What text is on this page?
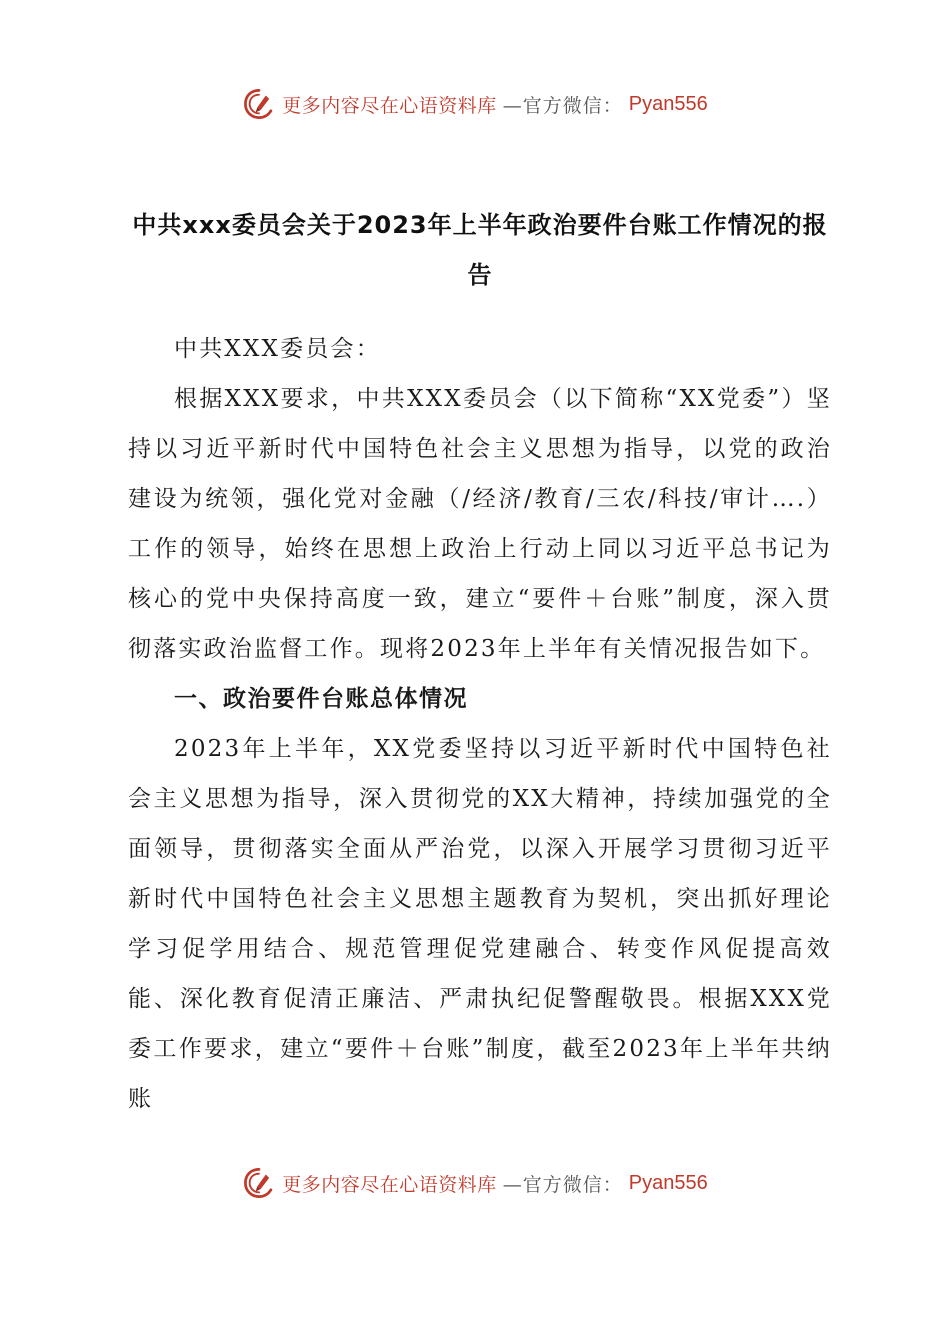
更多内容尽在心语资料库 —官方微信： Pyan556
中共xxx委员会关于2023年上半年政治要件台账工作情况的报告

中共XXX委员会：

根据XXX要求，中共XXX委员会（以下简称“XX党委”）坚持以习近平新时代中国特色社会主义思想为指导，以党的政治建设为统领，强化党对金融（/经济/教育/三农/科技/审计….）工作的领导，始终在思想上政治上行动上同以习近平总书记为核心的党中央保持高度一致，建立“要件＋台账”制度，深入贯彻落实政治监督工作。现将2023年上半年有关情况报告如下。

一、政治要件台账总体情况

2023年上半年，XX党委坚持以习近平新时代中国特色社会主义思想为指导，深入贯彻党的XX大精神，持续加强党的全面领导，贯彻落实全面从严治党，以深入开展学习贯彻习近平新时代中国特色社会主义思想主题教育为契机，突出抓好理论学习促学用结合、规范管理促党建融合、转变作风促提高效能、深化教育促清正廉洁、严肃执纪促警醒敬畏。根据XXX党委工作要求，建立“要件＋台账”制度，截至2023年上半年共纳账

更多内容尽在心语资料库 —官方微信： Pyan556
